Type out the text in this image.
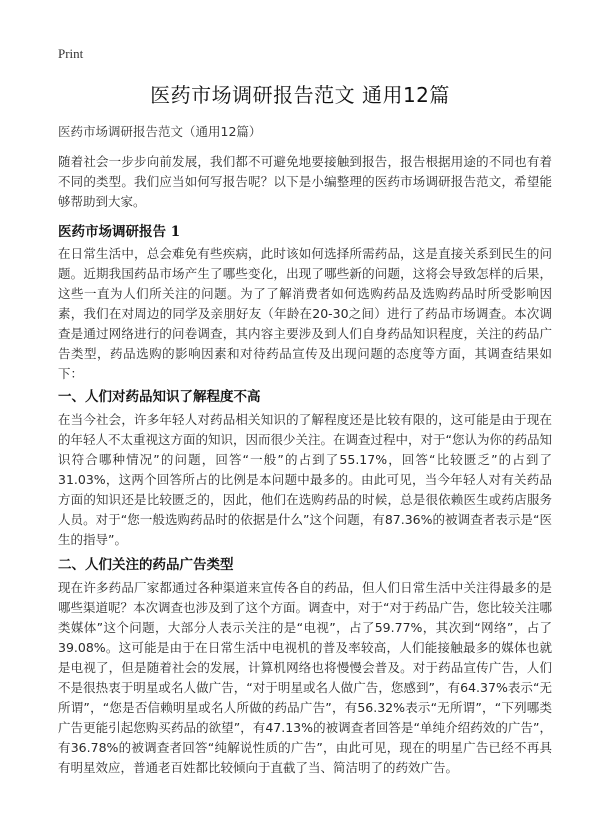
Print
医药市场调研报告范文 通用12篇

医药市场调研报告范文（通用12篇）

随着社会一步步向前发展，我们都不可避免地要接触到报告，报告根据用途的不同也有着不同的类型。我们应当如何写报告呢？以下是小编整理的医药市场调研报告范文，希望能够帮助到大家。

医药市场调研报告 1

在日常生活中，总会难免有些疾病，此时该如何选择所需药品，这是直接关系到民生的问题。近期我国药品市场产生了哪些变化，出现了哪些新的问题，这将会导致怎样的后果，这些一直为人们所关注的问题。为了了解消费者如何选购药品及选购药品时所受影响因素，我们在对周边的同学及亲朋好友（年龄在20-30之间）进行了药品市场调查。本次调查是通过网络进行的问卷调查，其内容主要涉及到人们自身药品知识程度，关注的药品广告类型，药品选购的影响因素和对待药品宣传及出现问题的态度等方面，其调查结果如下：

一、人们对药品知识了解程度不高

在当今社会，许多年轻人对药品相关知识的了解程度还是比较有限的，这可能是由于现在的年轻人不太重视这方面的知识，因而很少关注。在调查过程中，对于“您认为你的药品知识符合哪种情况”的问题，回答“一般”的占到了55.17%，回答“比较匮乏”的占到了31.03%，这两个回答所占的比例是本问题中最多的。由此可见，当今年轻人对有关药品方面的知识还是比较匮乏的，因此，他们在选购药品的时候，总是很依赖医生或药店服务人员。对于“您一般选购药品时的依据是什么”这个问题，有87.36%的被调查者表示是“医生的指导”。

二、人们关注的药品广告类型

现在许多药品厂家都通过各种渠道来宣传各自的药品，但人们日常生活中关注得最多的是哪些渠道呢？本次调查也涉及到了这个方面。调查中，对于“对于药品广告，您比较关注哪类媒体”这个问题，大部分人表示关注的是“电视”，占了59.77%，其次到“网络”，占了39.08%。这可能是由于在日常生活中电视机的普及率较高，人们能接触最多的媒体也就是电视了，但是随着社会的发展，计算机网络也将慢慢会普及。对于药品宣传广告，人们不是很热衷于明星或名人做广告，“对于明星或名人做广告，您感到”，有64.37%表示“无所谓”，“您是否信赖明星或名人所做的药品广告”，有56.32%表示“无所谓”，“下列哪类广告更能引起您购买药品的欲望”，有47.13%的被调查者回答是“单纯介绍药效的广告”，有36.78%的被调查者回答“纯解说性质的广告”，由此可见，现在的明星广告已经不再具有明星效应，普通老百姓都比较倾向于直截了当、简洁明了的药效广告。
